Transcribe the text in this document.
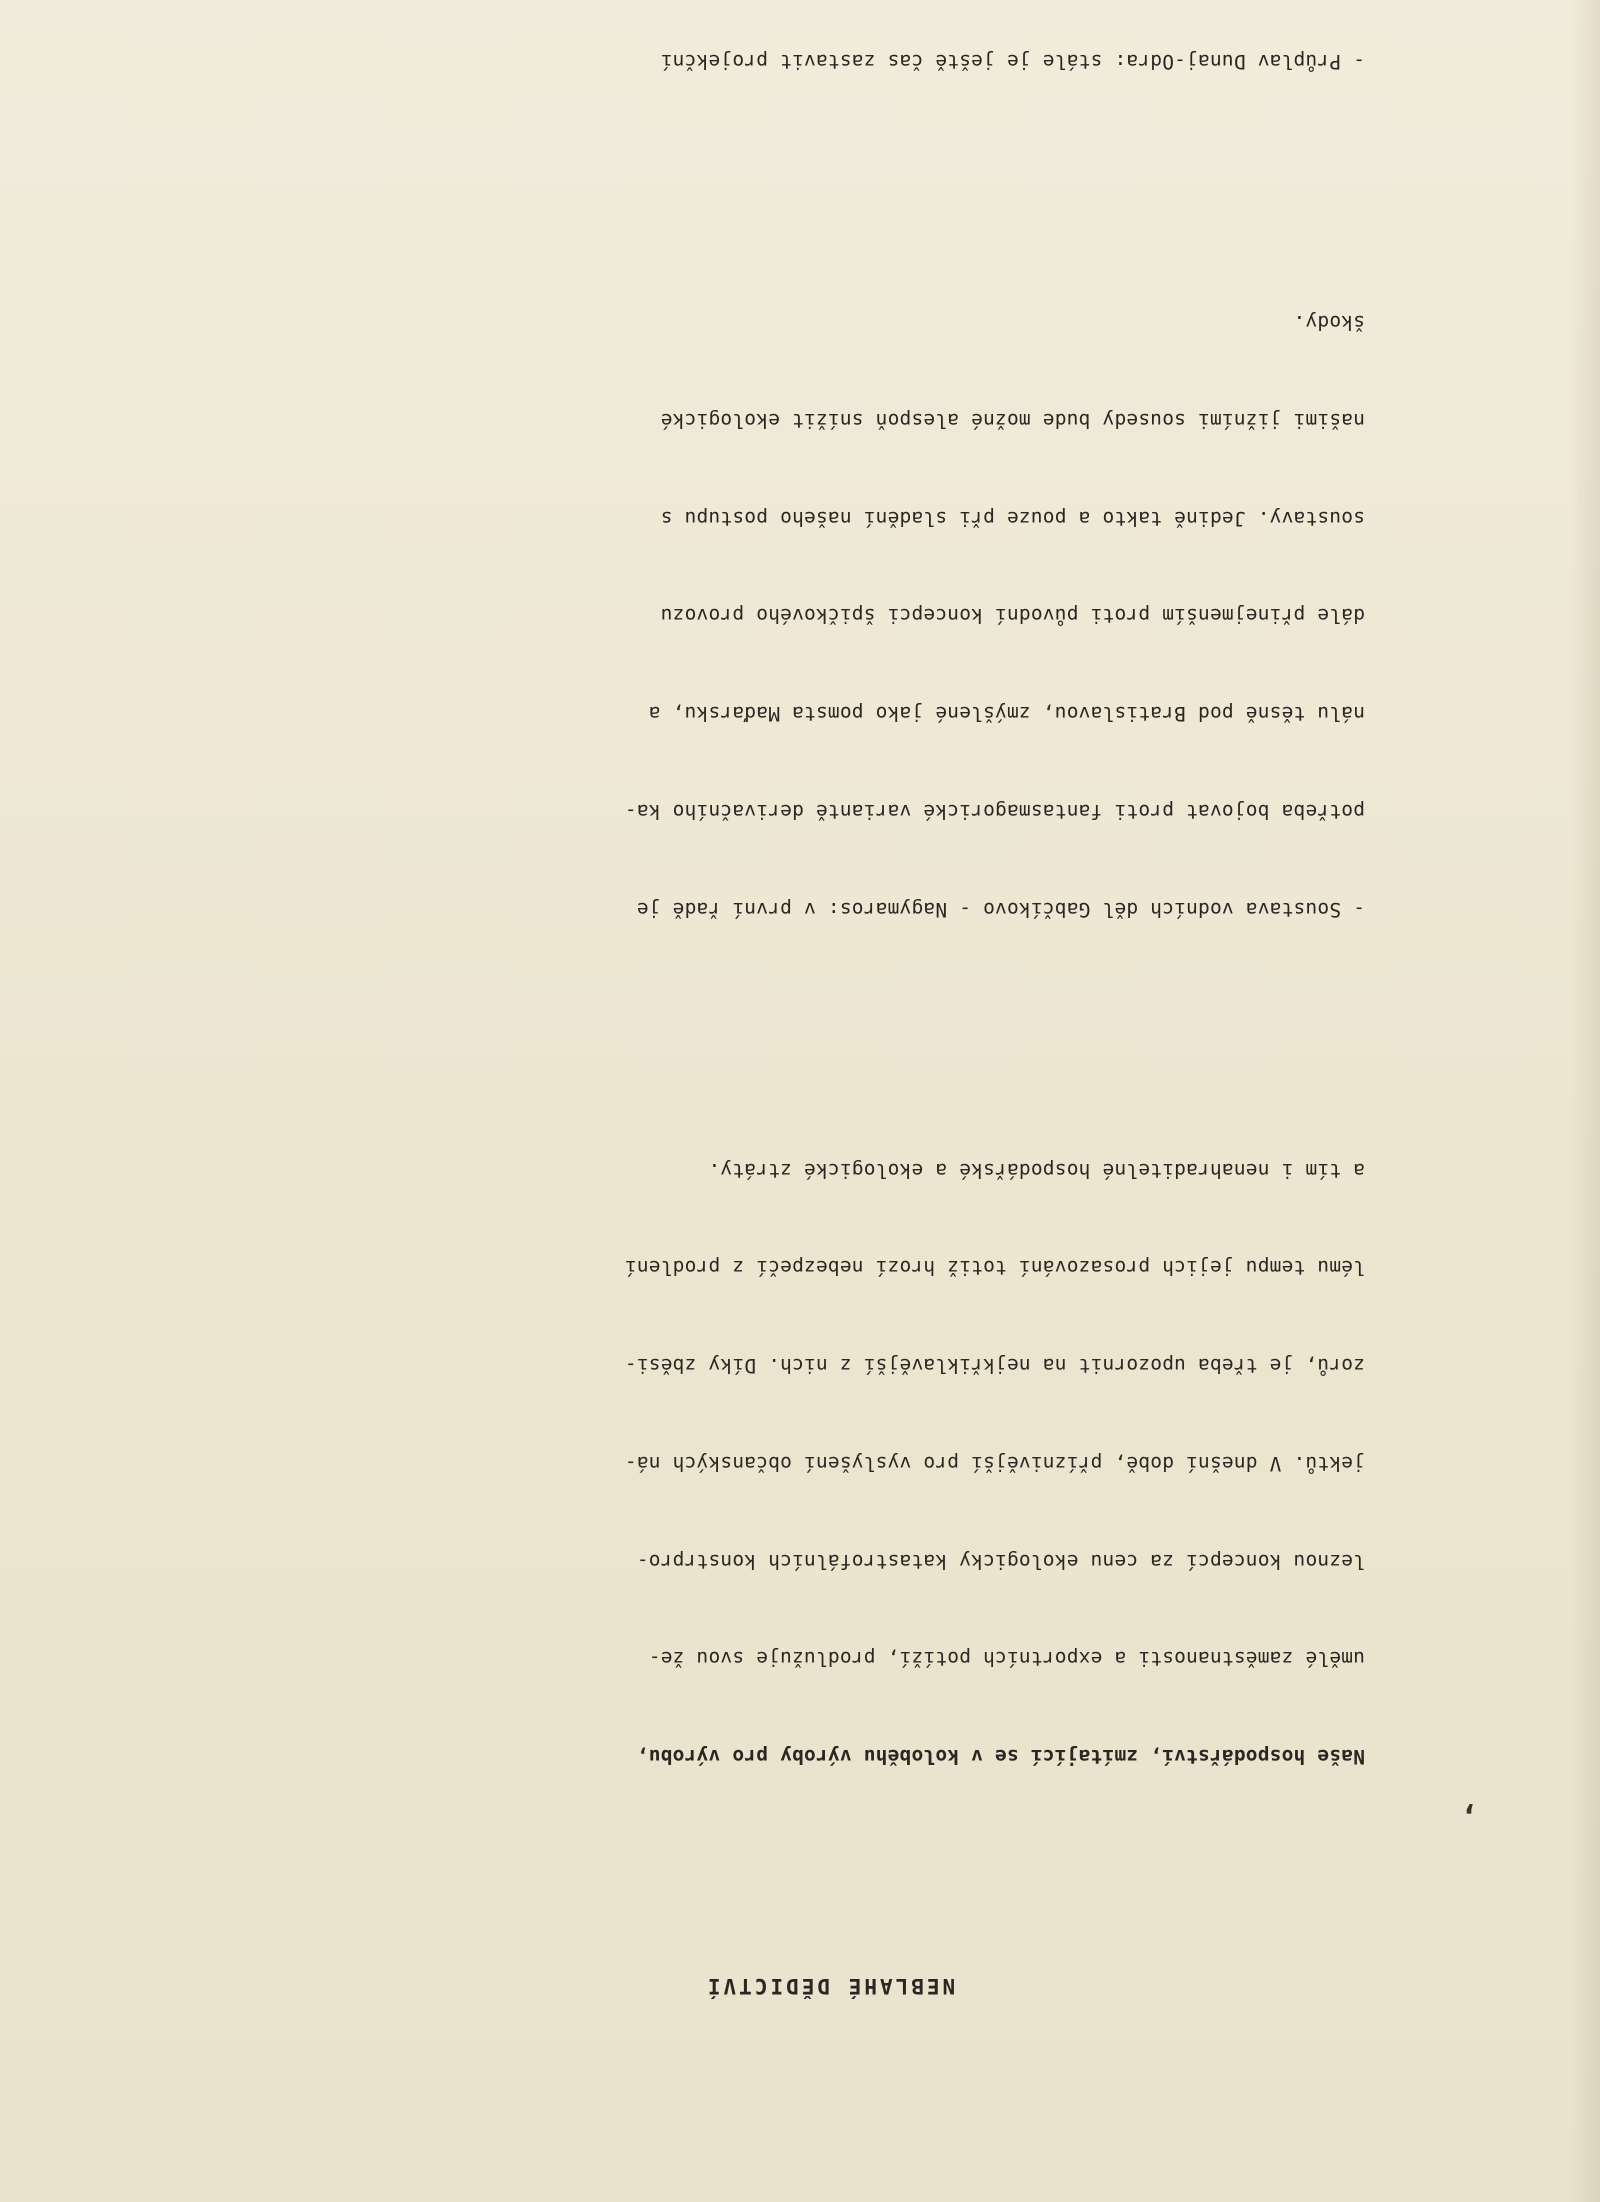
NEBLAHÉ DĚDICTVÍ

Naše hospodářství, zmítající se v koloběhu výroby pro výrobu,

umělé zaměstnanosti a exportních potíží, prodlužuje svou že-

leznou koncepcí za cenu ekologicky katastrofálních konstrpro-

jektů. V dnešní době, příznivější pro vyslyšení občanských ná-

zorů, je třeba upozornit na nejkřiklavější z nich. Díky zběsi-

lému tempu jejich prosazování totiž hrozí nebezpečí z prodlení

a tím i nenahraditelné hospodářské a ekologické ztráty.

- Soustava vodních děl Gabčíkovo - Nagymaros: v první řadě je

potřeba bojovat proti fantasmagorické variantě derivačního ka-

nálu těsně pod Bratislavou, zmýšlené jako pomsta Maďarsku, a

dále přinejmenším proti původní koncepci špičkového provozu

soustavy. Jedině takto a pouze při sladění našeho postupu s

našimi jižními sousedy bude možné alespoň snížit ekologické

škody.

- Průplav Dunaj-Odra: stále je ještě čas zastavit projekční

,
